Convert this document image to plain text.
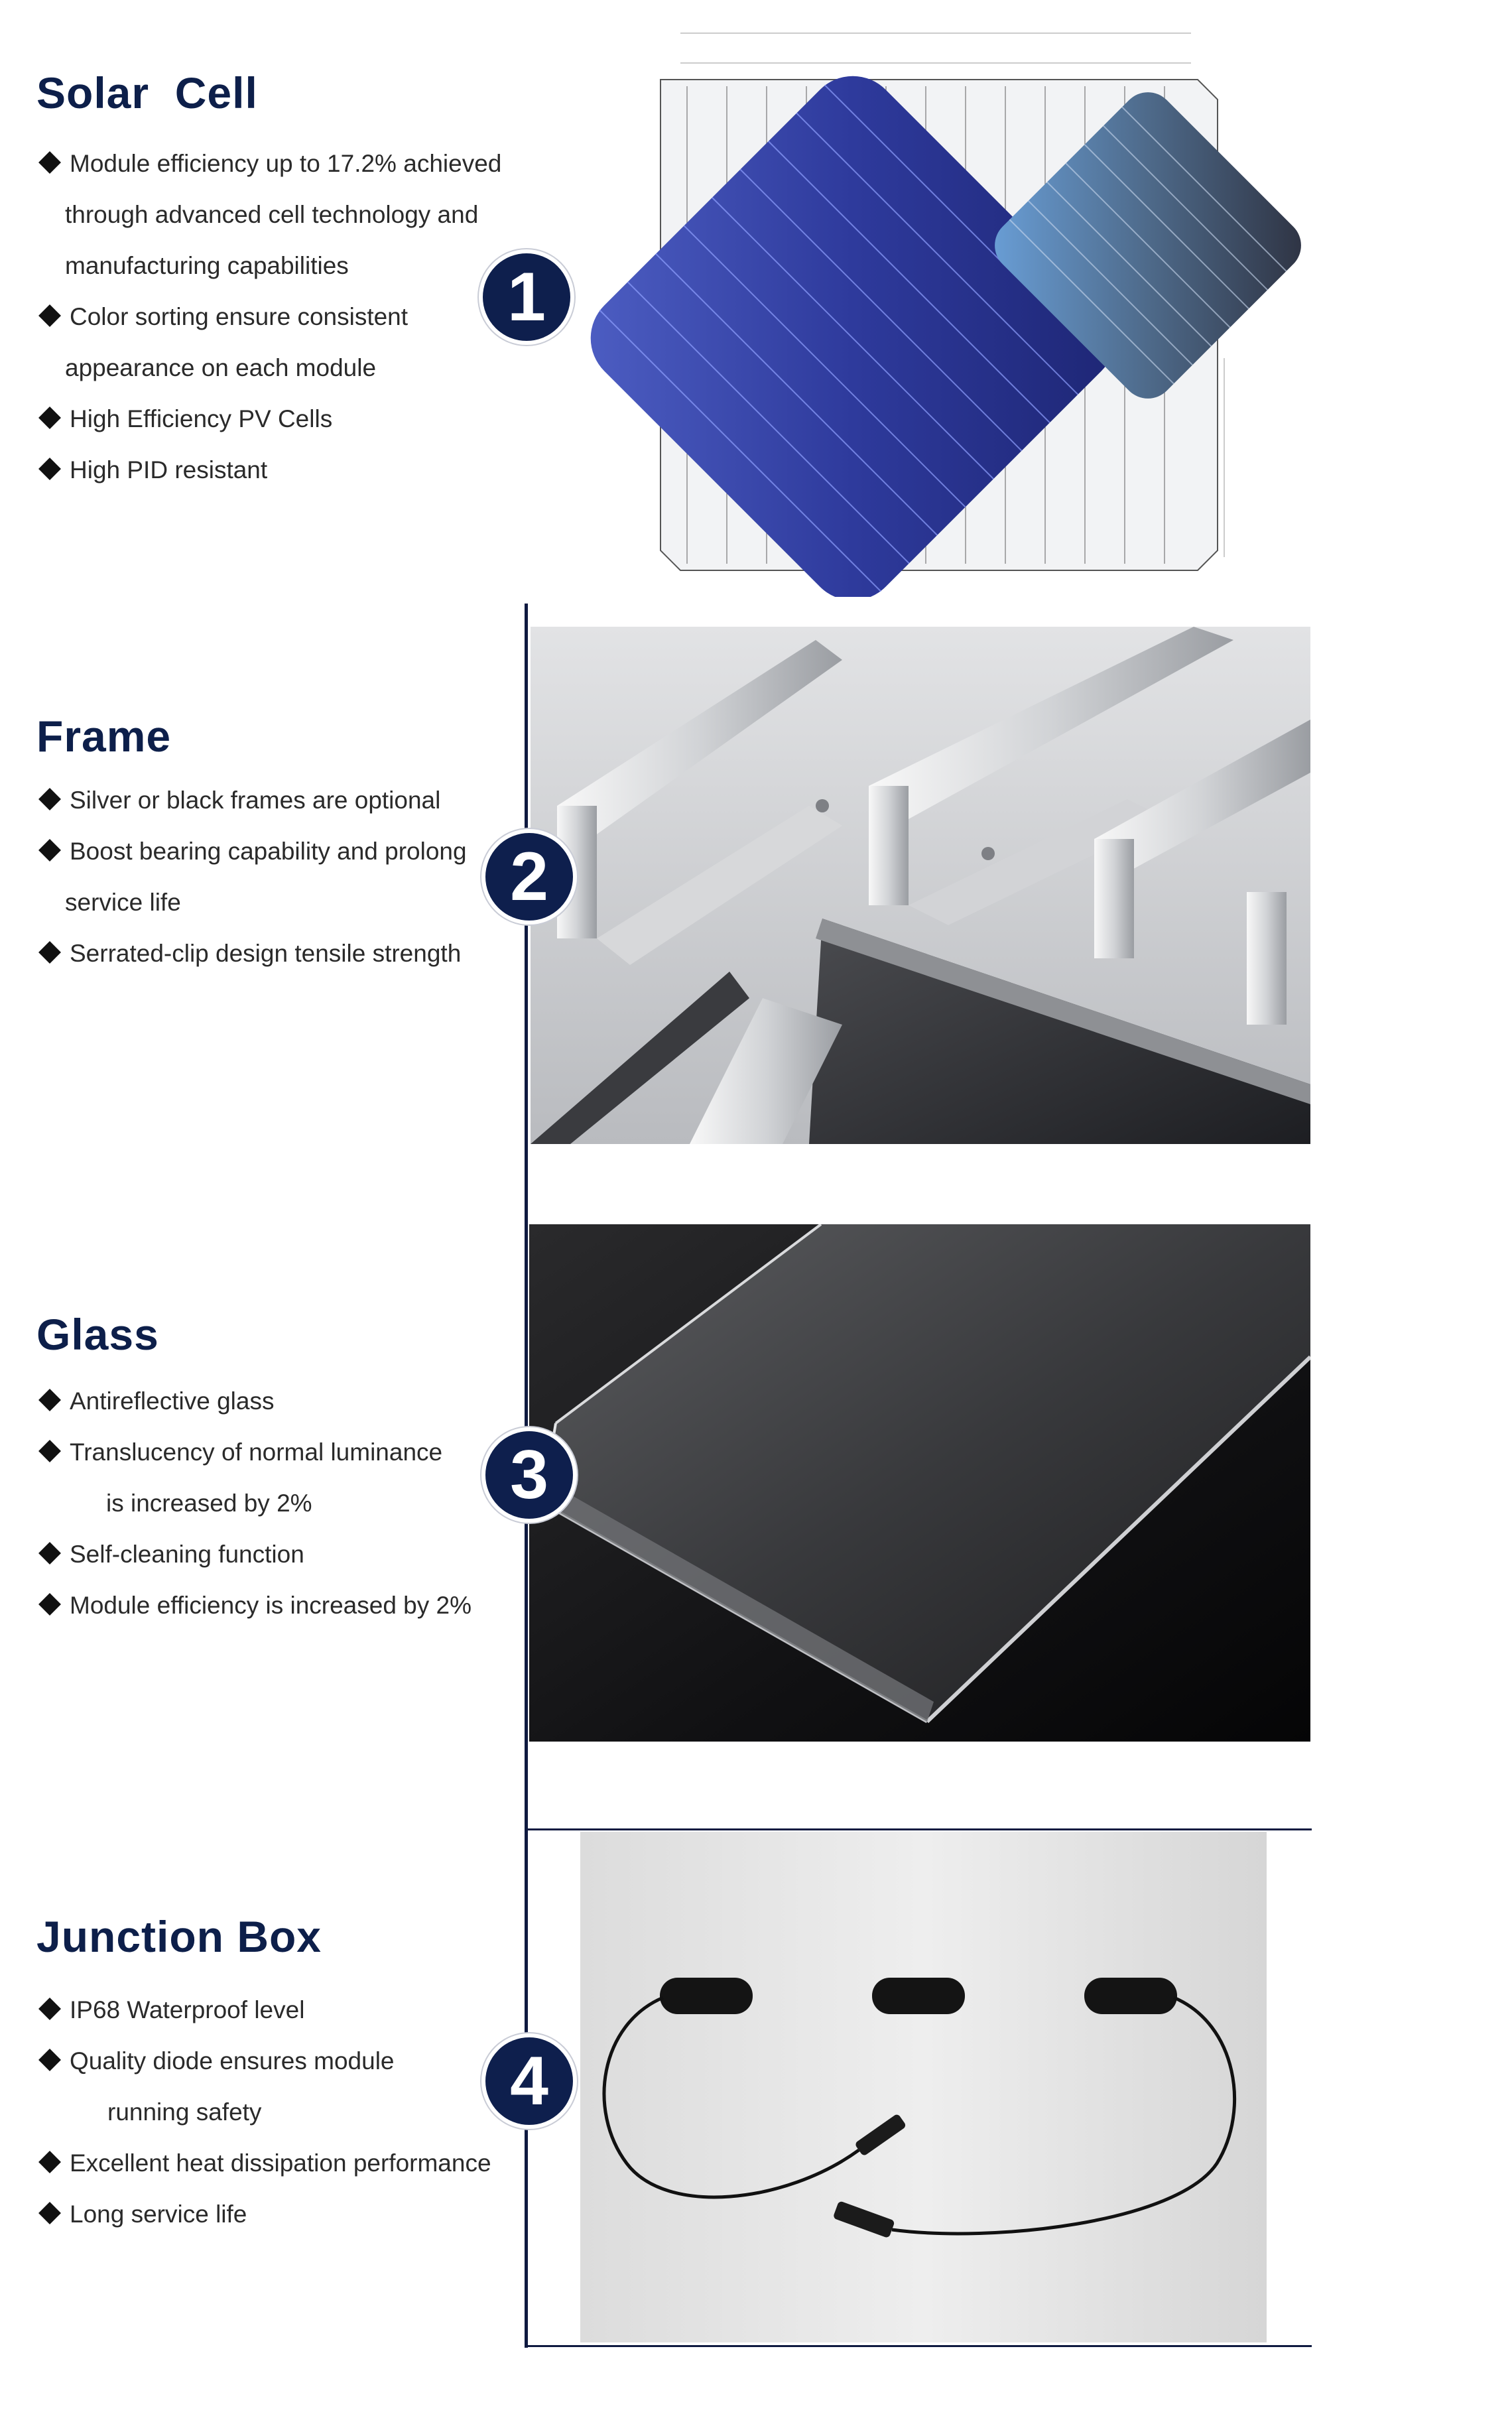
Solar  Cell
Module efficiency up to 17.2% achieved
through advanced cell technology and
manufacturing capabilities
Color sorting ensure consistent
appearance on each module
High Efficiency PV Cells
High PID resistant
1
Frame
Silver or black frames are optional
Boost bearing capability and prolong
service life
Serrated-clip design tensile strength
2
Glass
Antireflective glass
Translucency of normal luminance
is increased by 2%
Self-cleaning function
Module efficiency is increased by 2%
3
Junction Box
IP68 Waterproof level
Quality diode ensures module
running safety
Excellent heat dissipation performance
Long service life
4
